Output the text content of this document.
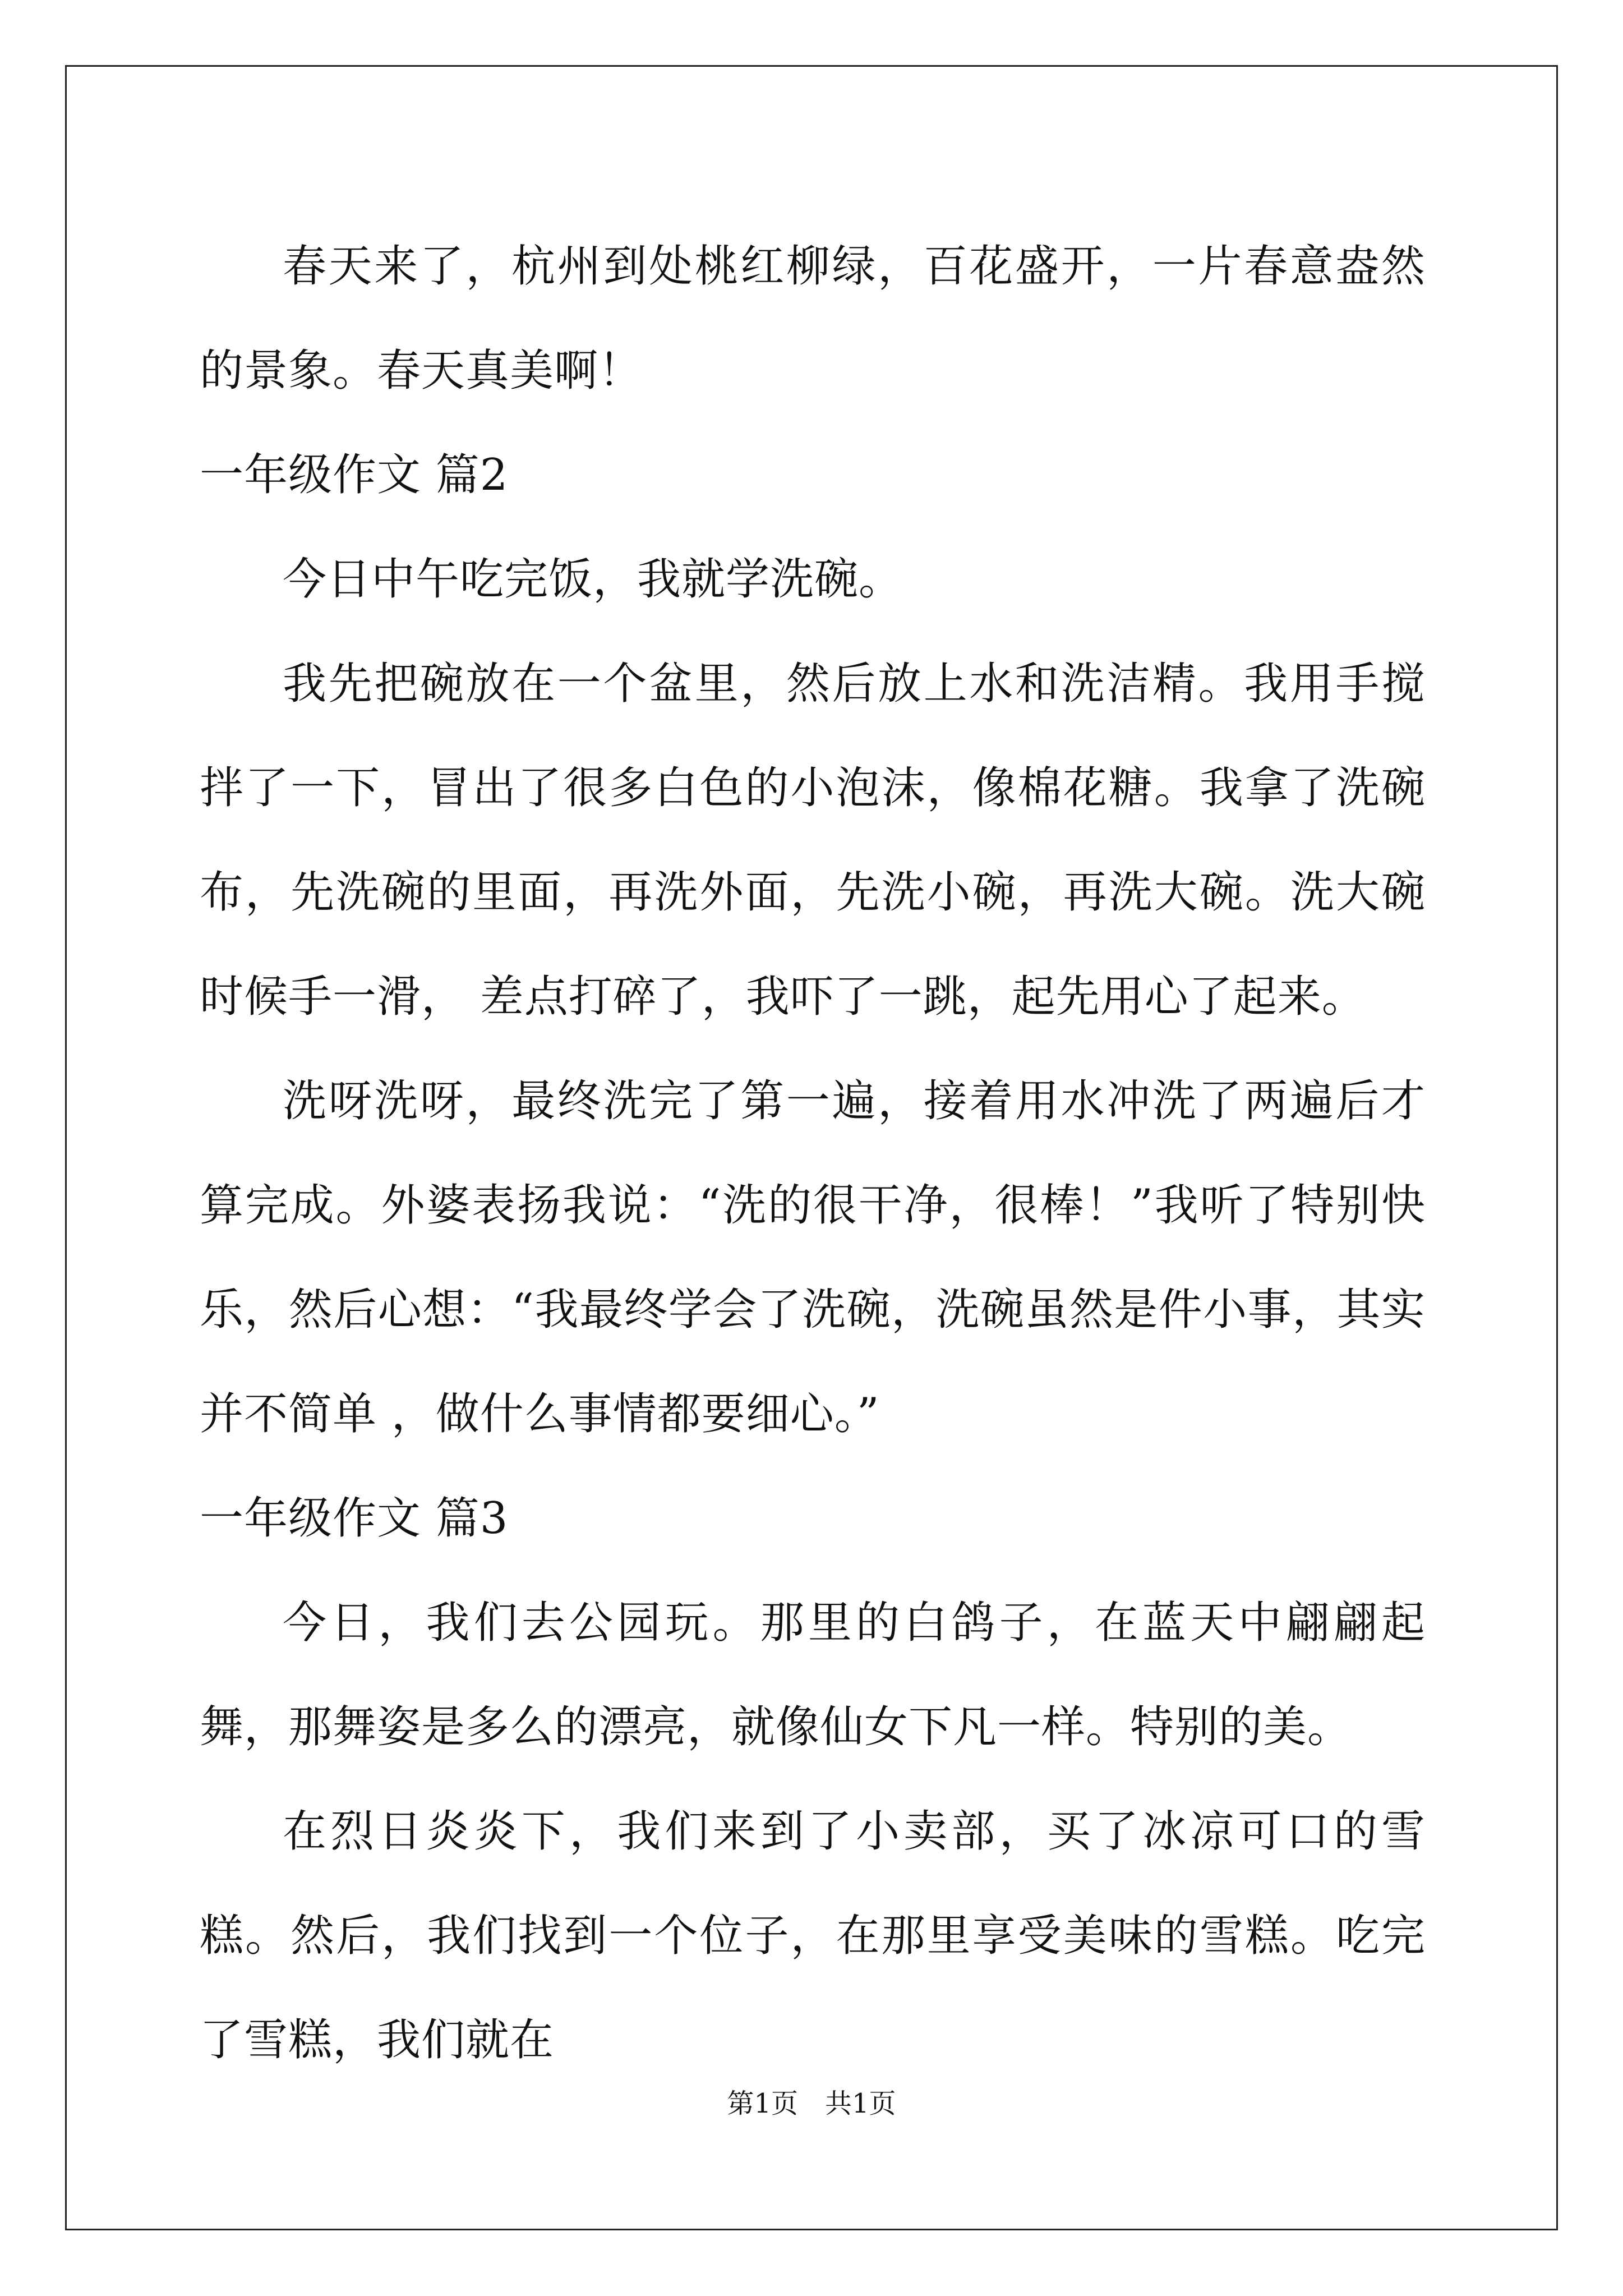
春天来了，杭州到处桃红柳绿，百花盛开，一片春意盎然的景象。春天真美啊！

一年级作文 篇2

今日中午吃完饭，我就学洗碗。

我先把碗放在一个盆里，然后放上水和洗洁精。我用手搅拌了一下，冒出了很多白色的小泡沫，像棉花糖。我拿了洗碗布，先洗碗的里面，再洗外面，先洗小碗，再洗大碗。洗大碗时候手一滑， 差点打碎了，我吓了一跳，起先用心了起来。

洗呀洗呀，最终洗完了第一遍，接着用水冲洗了两遍后才算完成。外婆表扬我说：“洗的很干净，很棒！”我听了特别快乐，然后心想：“我最终学会了洗碗，洗碗虽然是件小事，其实并不简单 ，做什么事情都要细心。”

一年级作文 篇3

今日，我们去公园玩。那里的白鸽子，在蓝天中翩翩起舞，那舞姿是多么的漂亮，就像仙女下凡一样。特别的美。

在烈日炎炎下，我们来到了小卖部，买了冰凉可口的雪糕。然后，我们找到一个位子，在那里享受美味的雪糕。吃完了雪糕，我们就在

第1页　共1页
